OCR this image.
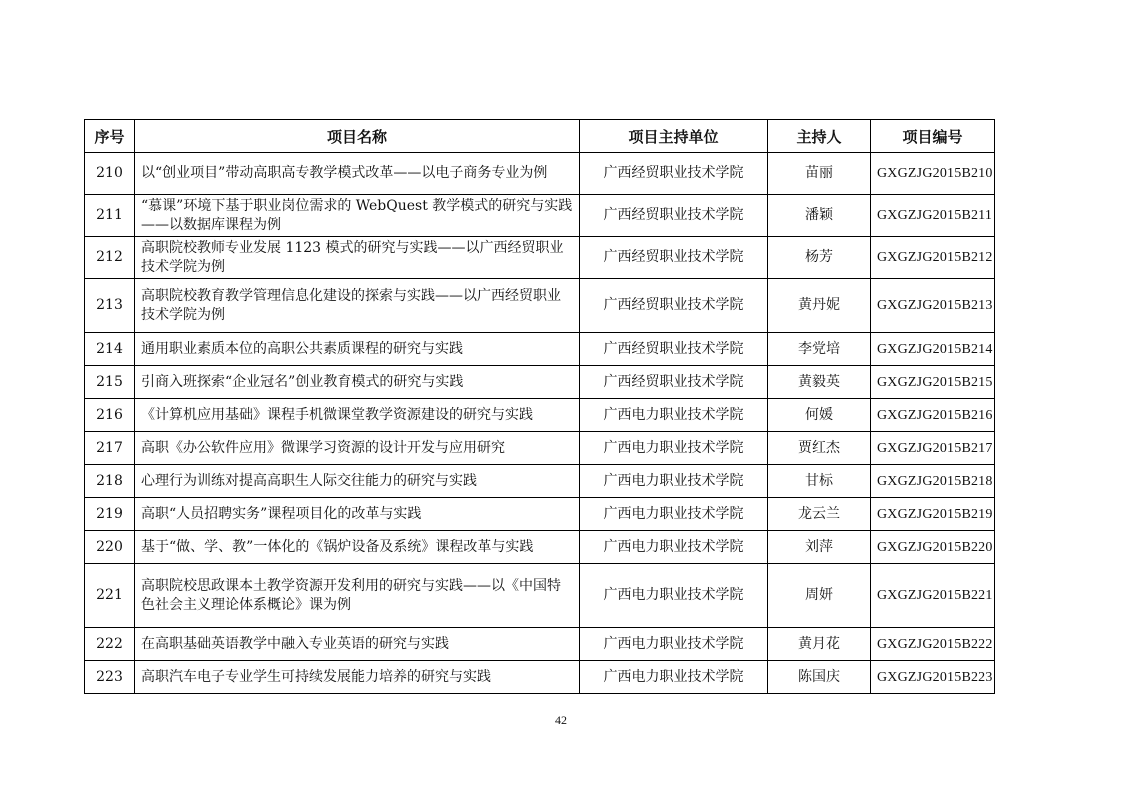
序号	项目名称	项目主持单位	主持人	项目编号
210	以“创业项目”带动高职高专教学模式改革——以电子商务专业为例	广西经贸职业技术学院	苗丽	GXGZJG2015B210
211	“慕课”环境下基于职业岗位需求的 WebQuest 教学模式的研究与实践——以数据库课程为例	广西经贸职业技术学院	潘颖	GXGZJG2015B211
212	高职院校教师专业发展 1123 模式的研究与实践——以广西经贸职业技术学院为例	广西经贸职业技术学院	杨芳	GXGZJG2015B212
213	高职院校教育教学管理信息化建设的探索与实践——以广西经贸职业技术学院为例	广西经贸职业技术学院	黄丹妮	GXGZJG2015B213
214	通用职业素质本位的高职公共素质课程的研究与实践	广西经贸职业技术学院	李党培	GXGZJG2015B214
215	引商入班探索“企业冠名”创业教育模式的研究与实践	广西经贸职业技术学院	黄毅英	GXGZJG2015B215
216	《计算机应用基础》课程手机微课堂教学资源建设的研究与实践	广西电力职业技术学院	何媛	GXGZJG2015B216
217	高职《办公软件应用》微课学习资源的设计开发与应用研究	广西电力职业技术学院	贾红杰	GXGZJG2015B217
218	心理行为训练对提高高职生人际交往能力的研究与实践	广西电力职业技术学院	甘标	GXGZJG2015B218
219	高职“人员招聘实务”课程项目化的改革与实践	广西电力职业技术学院	龙云兰	GXGZJG2015B219
220	基于“做、学、教”一体化的《锅炉设备及系统》课程改革与实践	广西电力职业技术学院	刘萍	GXGZJG2015B220
221	高职院校思政课本土教学资源开发利用的研究与实践——以《中国特色社会主义理论体系概论》课为例	广西电力职业技术学院	周妍	GXGZJG2015B221
222	在高职基础英语教学中融入专业英语的研究与实践	广西电力职业技术学院	黄月花	GXGZJG2015B222
223	高职汽车电子专业学生可持续发展能力培养的研究与实践	广西电力职业技术学院	陈国庆	GXGZJG2015B223
42
